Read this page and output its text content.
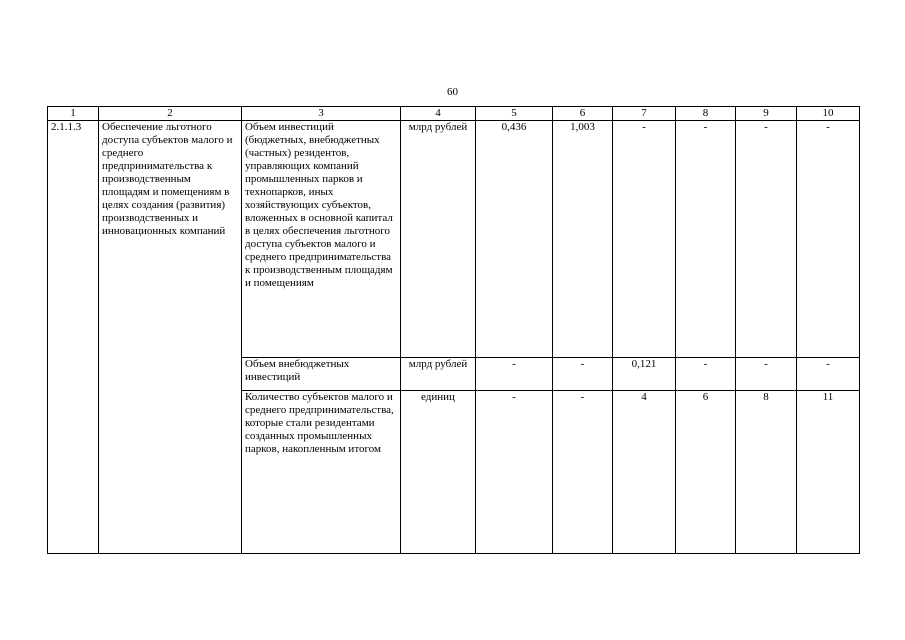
60
1	2	3	4	5	6	7	8	9	10
2.1.1.3	Обеспечение льготного доступа субъектов малого и среднего предпринимательства к производственным площадям и помещениям в целях создания (развития) производственных и инновационных компаний	Объем инвестиций (бюджетных, внебюджетных (частных) резидентов, управляющих компаний промышленных парков и технопарков, иных хозяйствующих субъектов, вложенных в основной капитал в целях обеспечения льготного доступа субъектов малого и среднего предпринимательства к производственным площадям и помещениям	млрд рублей	0,436	1,003	-	-	-	-
		Объем внебюджетных инвестиций	млрд рублей	-	-	0,121	-	-	-
		Количество субъектов малого и среднего предпринимательства, которые стали резидентами созданных промышленных парков, накопленным итогом	единиц	-	-	4	6	8	11
